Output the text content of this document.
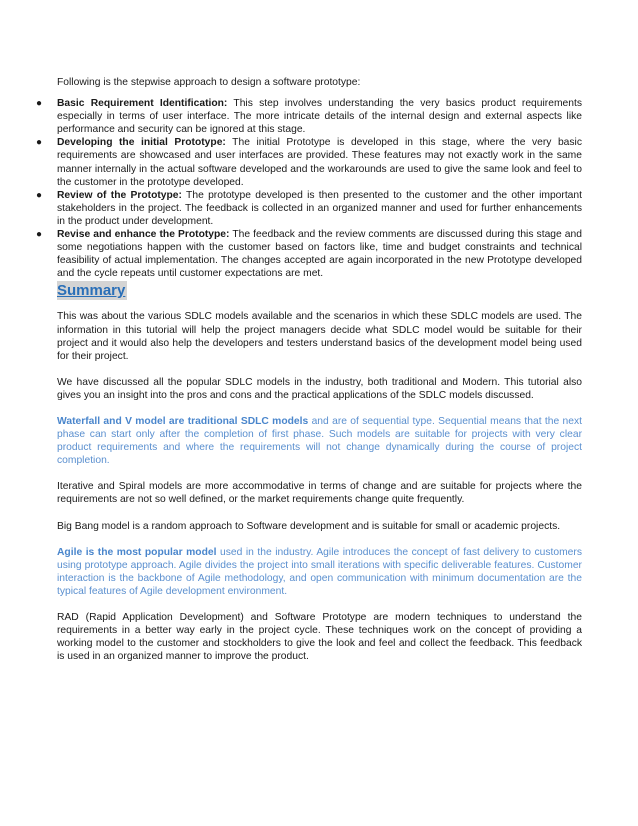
Following is the stepwise approach to design a software prototype:

● Basic Requirement Identification: This step involves understanding the very basics product requirements especially in terms of user interface. The more intricate details of the internal design and external aspects like performance and security can be ignored at this stage.
● Developing the initial Prototype: The initial Prototype is developed in this stage, where the very basic requirements are showcased and user interfaces are provided. These features may not exactly work in the same manner internally in the actual software developed and the workarounds are used to give the same look and feel to the customer in the prototype developed.
● Review of the Prototype: The prototype developed is then presented to the customer and the other important stakeholders in the project. The feedback is collected in an organized manner and used for further enhancements in the product under development.
● Revise and enhance the Prototype: The feedback and the review comments are discussed during this stage and some negotiations happen with the customer based on factors like, time and budget constraints and technical feasibility of actual implementation. The changes accepted are again incorporated in the new Prototype developed and the cycle repeats until customer expectations are met.
Summary

This was about the various SDLC models available and the scenarios in which these SDLC models are used. The information in this tutorial will help the project managers decide what SDLC model would be suitable for their project and it would also help the developers and testers understand basics of the development model being used for their project.

We have discussed all the popular SDLC models in the industry, both traditional and Modern. This tutorial also gives you an insight into the pros and cons and the practical applications of the SDLC models discussed.

Waterfall and V model are traditional SDLC models and are of sequential type. Sequential means that the next phase can start only after the completion of first phase. Such models are suitable for projects with very clear product requirements and where the requirements will not change dynamically during the course of project completion.

Iterative and Spiral models are more accommodative in terms of change and are suitable for projects where the requirements are not so well defined, or the market requirements change quite frequently.

Big Bang model is a random approach to Software development and is suitable for small or academic projects.

Agile is the most popular model used in the industry. Agile introduces the concept of fast delivery to customers using prototype approach. Agile divides the project into small iterations with specific deliverable features. Customer interaction is the backbone of Agile methodology, and open communication with minimum documentation are the typical features of Agile development environment.

RAD (Rapid Application Development) and Software Prototype are modern techniques to understand the requirements in a better way early in the project cycle. These techniques work on the concept of providing a working model to the customer and stockholders to give the look and feel and collect the feedback. This feedback is used in an organized manner to improve the product.
